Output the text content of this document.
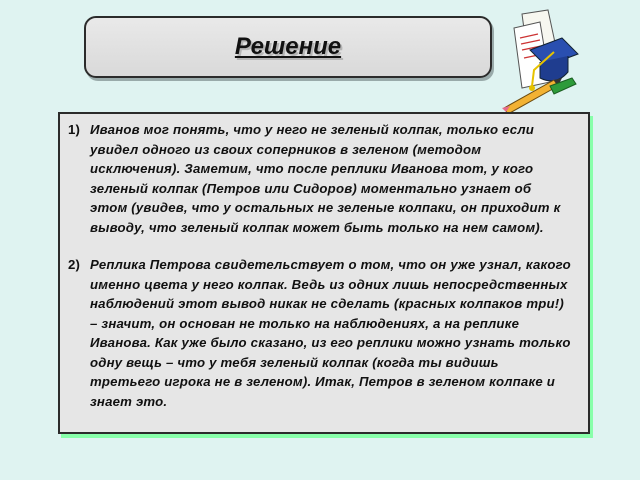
Решение
1) Иванов мог понять, что у него не зеленый колпак, только если увидел одного из своих соперников в зеленом (методом исключения). Заметим, что после реплики Иванова тот, у кого зеленый колпак (Петров или Сидоров) моментально узнает об этом (увидев, что у остальных не зеленые колпаки, он приходит к выводу, что зеленый колпак может быть только на нем самом).
2) Реплика Петрова свидетельствует о том, что он уже узнал, какого именно цвета у него колпак. Ведь из одних лишь непосредственных наблюдений этот вывод никак не сделать (красных колпаков три!) – значит, он основан не только на наблюдениях, а на реплике Иванова. Как уже было сказано, из его реплики можно узнать только одну вещь – что у тебя зеленый колпак (когда ты видишь третьего игрока не в зеленом). Итак, Петров в зеленом колпаке и знает это.
